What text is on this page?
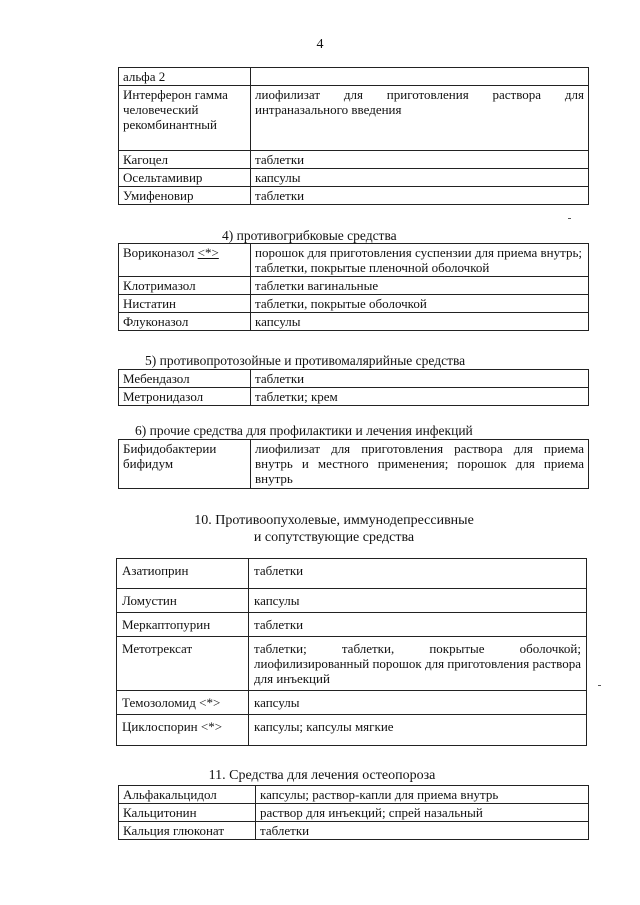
4
альфа 2	
Интерферон гамма человеческий рекомбинантный	лиофилизат для приготовления раствора для интраназального введения
Кагоцел	таблетки
Осельтамивир	капсулы
Умифеновир	таблетки
4) противогрибковые средства
Вориконазол <*>	порошок для приготовления суспензии для приема внутрь; таблетки, покрытые пленочной оболочкой
Клотримазол	таблетки вагинальные
Нистатин	таблетки, покрытые оболочкой
Флуконазол	капсулы
5) противопротозойные и противомалярийные средства
Мебендазол	таблетки
Метронидазол	таблетки; крем
6) прочие средства для профилактики и лечения инфекций
Бифидобактерии бифидум	лиофилизат для приготовления раствора для приема внутрь и местного применения; порошок для приема внутрь
10. Противоопухолевые, иммунодепрессивные
и сопутствующие средства
Азатиоприн	таблетки
Ломустин	капсулы
Меркаптопурин	таблетки
Метотрексат	таблетки; таблетки, покрытые оболочкой; лиофилизированный порошок для приготовления раствора для инъекций
Темозоломид <*>	капсулы
Циклоспорин <*>	капсулы; капсулы мягкие
11. Средства для лечения остеопороза
Альфакальцидол	капсулы; раствор-капли для приема внутрь
Кальцитонин	раствор для инъекций; спрей назальный
Кальция глюконат	таблетки
